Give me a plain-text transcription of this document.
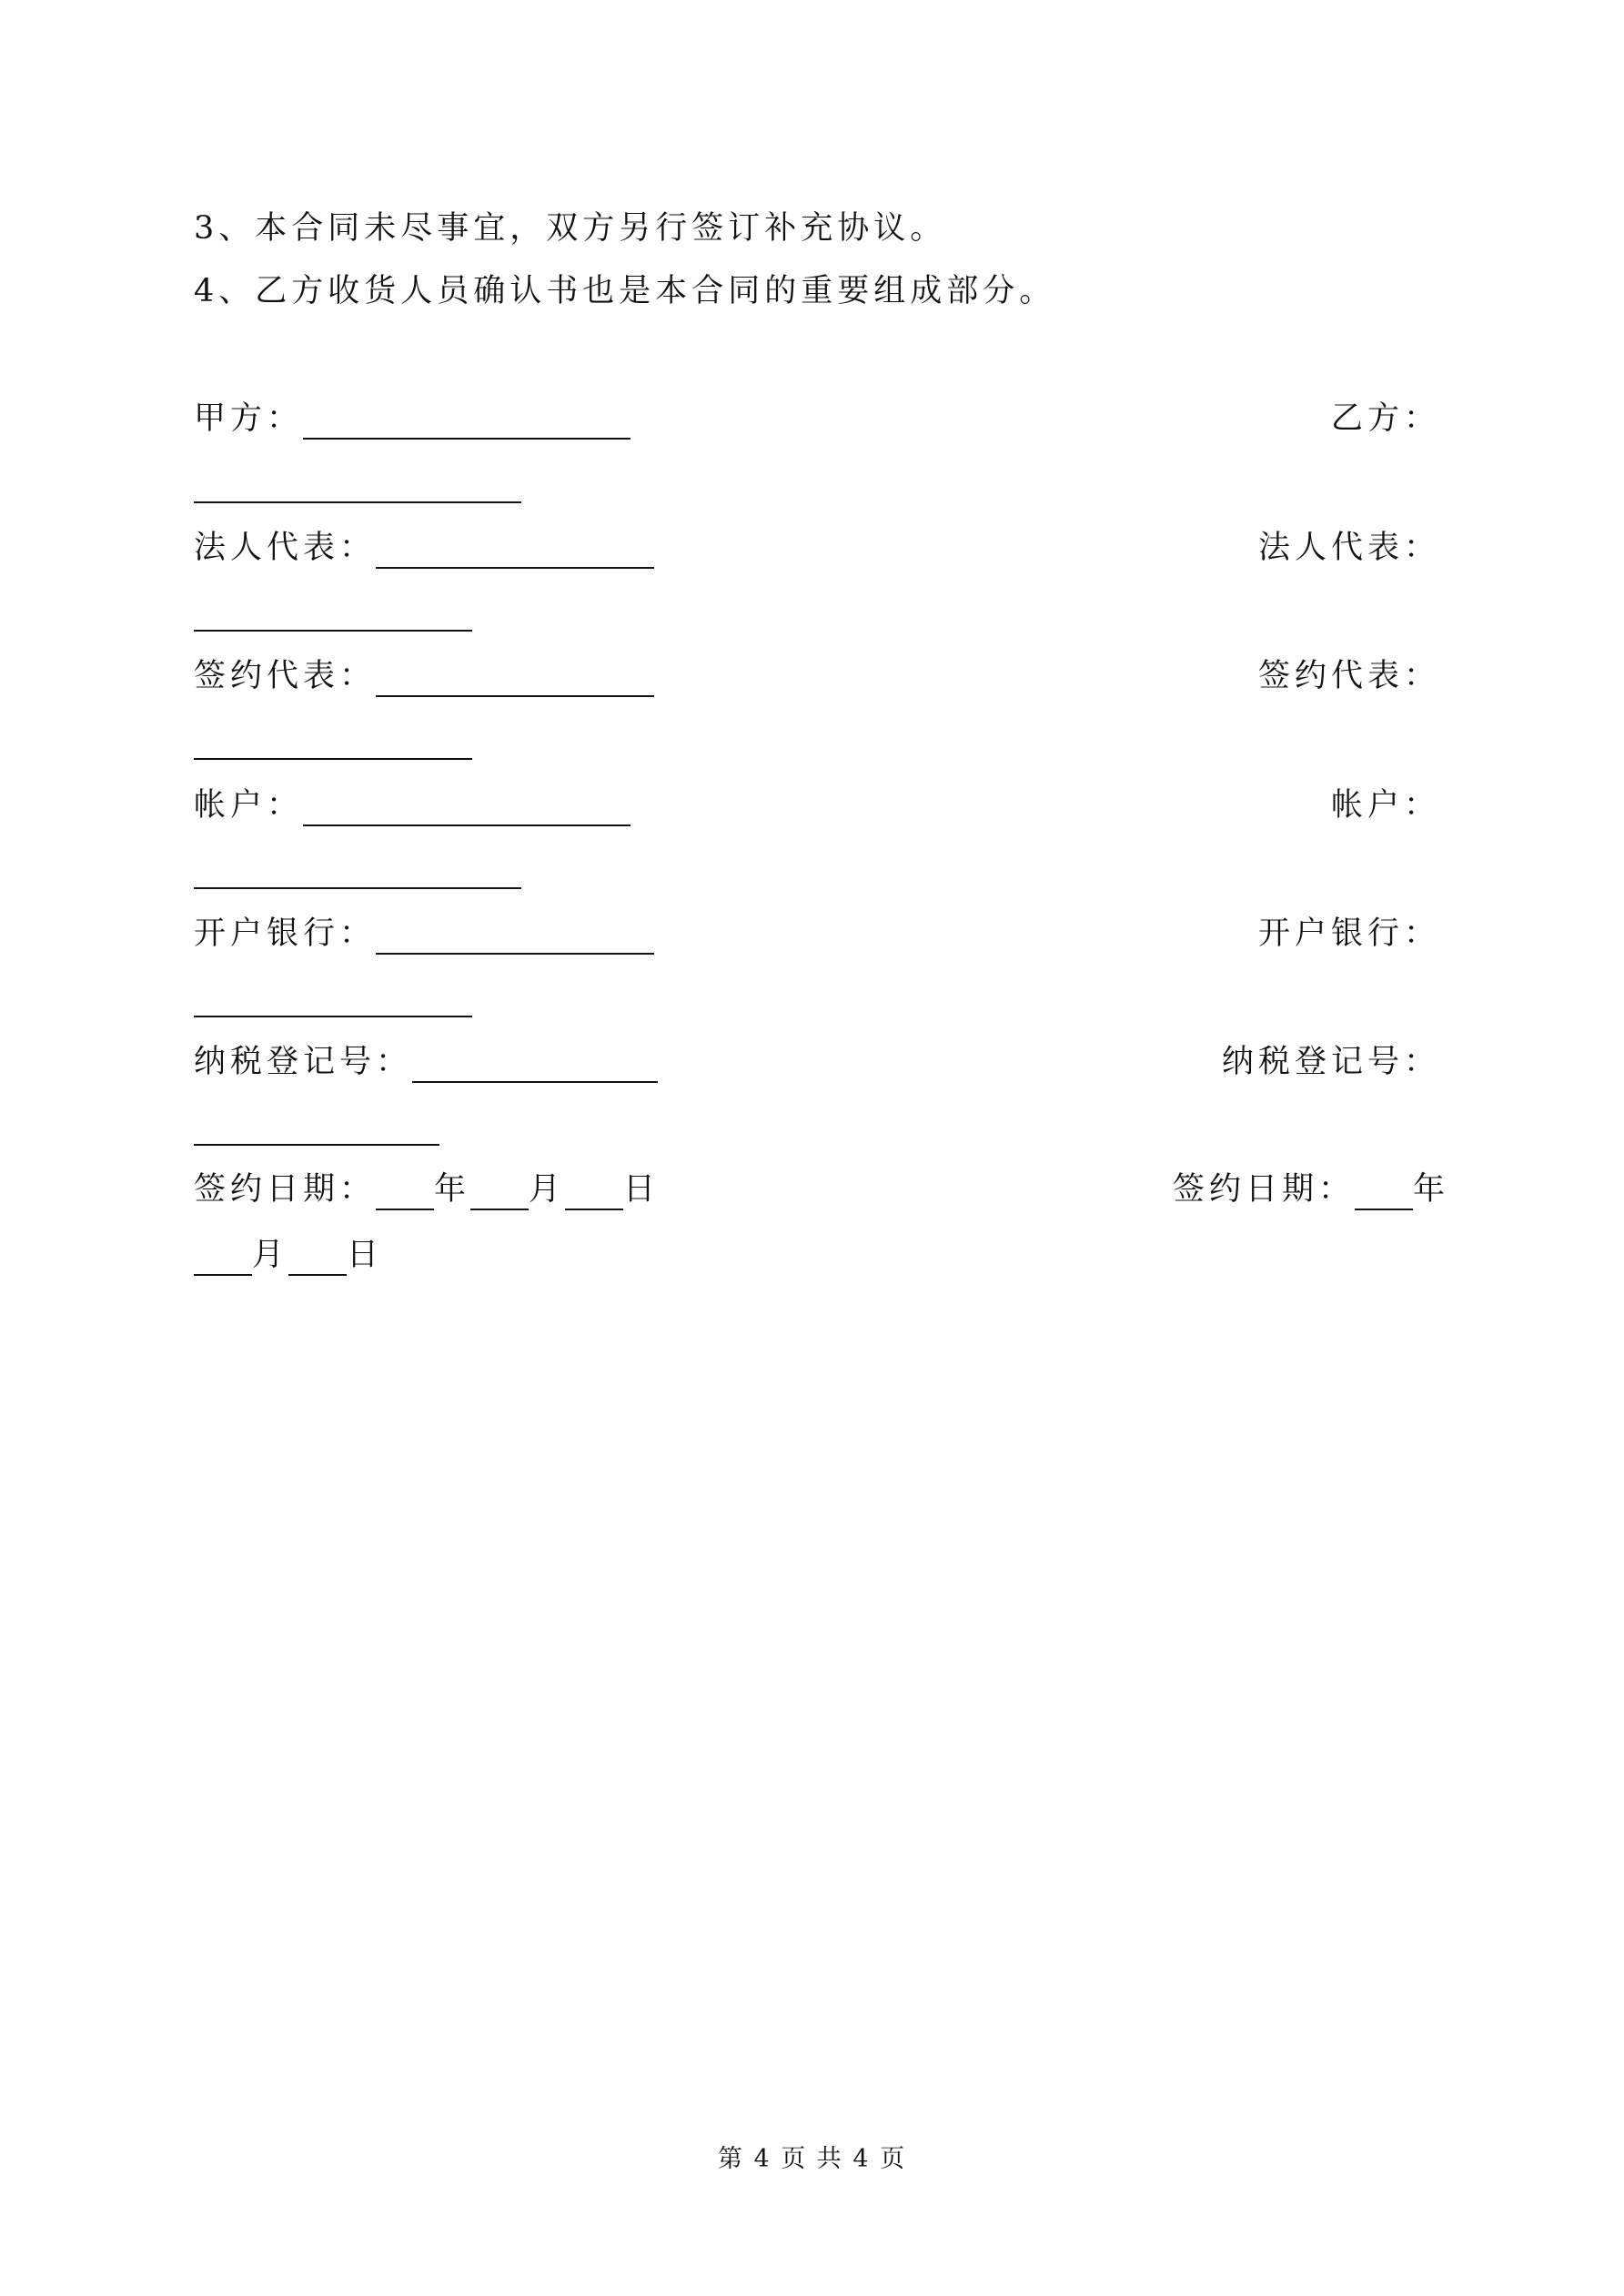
3、本合同未尽事宜，双方另行签订补充协议。
4、乙方收货人员确认书也是本合同的重要组成部分。
甲方：	乙方：
法人代表：	法人代表：
签约代表：	签约代表：
帐户：	帐户：
开户银行：	开户银行：
纳税登记号：	纳税登记号：
签约日期： 年 月 日	签约日期： 年
月 日
第 4 页 共 4 页
